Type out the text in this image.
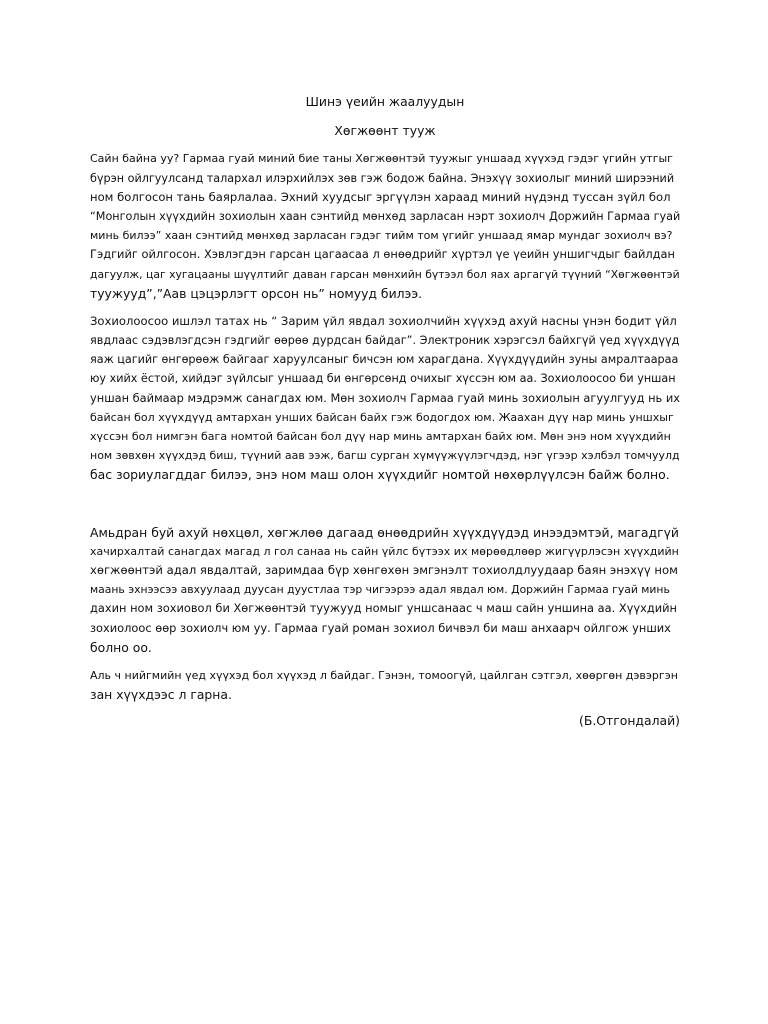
Шинэ үеийн жаалуудын
Хөгжөөнт тууж
Сайн байна уу? Гармаа гуай миний бие таны Хөгжөөнтэй туужыг уншаад хүүхэд гэдэг үгийн утгыг
бүрэн ойлгуулсанд талархал илэрхийлэх зөв гэж бодож байна. Энэхүү зохиолыг миний ширээний
ном болгосон тань баярлалаа. Эхний хуудсыг эргүүлэн хараад миний нүдэнд туссан зүйл бол
“Монголын хүүхдийн зохиолын хаан сэнтийд мөнхөд зарласан нэрт зохиолч Доржийн Гармаа гуай
минь билээ” хаан сэнтийд мөнхөд зарласан гэдэг тийм том үгийг уншаад ямар мундаг зохиолч вэ?
Гэдгийг ойлгосон. Хэвлэгдэн гарсан цагаасаа л өнөөдрийг хүртэл үе үеийн уншигчдыг байлдан
дагуулж, цаг хугацааны шүүлтийг даван гарсан мөнхийн бүтээл бол яах аргагүй түүний “Хөгжөөнтэй
туужууд”,”Аав цэцэрлэгт орсон нь” номууд билээ.
Зохиолоосоо ишлэл татах нь “ Зарим үйл явдал зохиолчийн хүүхэд ахуй насны үнэн бодит үйл
явдлаас сэдэвлэгдсэн гэдгийг өөрөө дурдсан байдаг”. Электроник хэрэгсэл байхгүй үед хүүхдүүд
яаж цагийг өнгөрөөж байгааг харуулсаныг бичсэн юм харагдана. Хүүхдүүдийн зуны амралтаараа
юу хийх ёстой, хийдэг зүйлсыг уншаад би өнгөрсөнд очихыг хүссэн юм аа. Зохиолоосоо би уншан
уншан баймаар мэдрэмж санагдах юм. Мөн зохиолч Гармаа гуай минь зохиолын агуулгууд нь их
байсан бол хүүхдүүд амтархан унших байсан байх гэж бодогдох юм. Жаахан дүү нар минь уншхыг
хүссэн бол нимгэн бага номтой байсан бол дүү нар минь амтархан байх юм. Мөн энэ ном хүүхдийн
ном зөвхөн хүүхдэд биш, түүний аав ээж, багш сурган хүмүүжүүлэгчдэд, нэг үгээр хэлбэл томчуулд
бас зориулагддаг билээ, энэ ном маш олон хүүхдийг номтой нөхөрлүүлсэн байж болно.
Амьдран буй ахуй нөхцөл, хөгжлөө дагаад өнөөдрийн хүүхдүүдэд инээдэмтэй, магадгүй
хачирхалтай санагдах магад л гол санаа нь сайн үйлс бүтээх их мөрөөдлөөр жигүүрлэсэн хүүхдийн
хөгжөөнтэй адал явдалтай, заримдаа бүр хөнгөхөн эмгэнэлт тохиолдлуудаар баян энэхүү ном
маань эхнээсээ авхуулаад дуусан дуустлаа тэр чигээрээ адал явдал юм. Доржийн Гармаа гуай минь
дахин ном зохиовол би Хөгжөөнтэй туужууд номыг уншсанаас ч маш сайн уншина аа. Хүүхдийн
зохиолоос өөр зохиолч юм уу. Гармаа гуай роман зохиол бичвэл би маш анхаарч ойлгож унших
болно оо.
Аль ч нийгмийн үед хүүхэд бол хүүхэд л байдаг. Гэнэн, томоогүй, цайлган сэтгэл, хөөргөн дэвэргэн
зан хүүхдээс л гарна.
(Б.Отгондалай)
